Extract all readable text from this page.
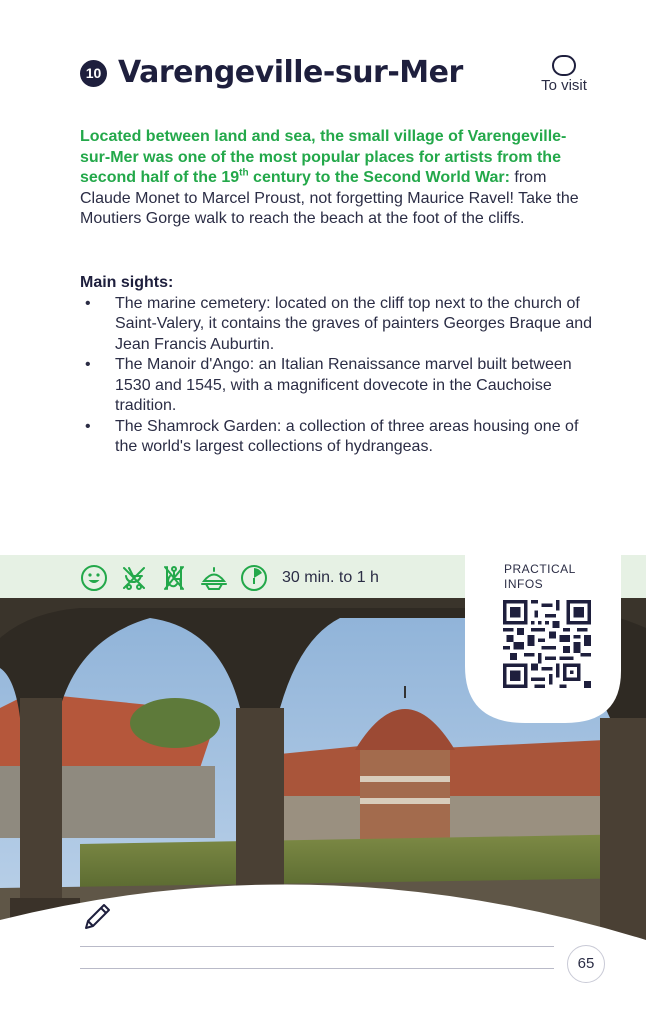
10 Varengeville-sur-Mer	To visit

Located between land and sea, the small village of Varengeville-sur-Mer was one of the most popular places for artists from the second half of the 19th century to the Second World War: from Claude Monet to Marcel Proust, not forgetting Maurice Ravel! Take the Moutiers Gorge walk to reach the beach at the foot of the cliffs.

Main sights:
• The marine cemetery: located on the cliff top next to the church of Saint-Valery, it contains the graves of painters Georges Braque and Jean Francis Auburtin.
• The Manoir d'Ango: an Italian Renaissance marvel built between 1530 and 1545, with a magnificent dovecote in the Cauchoise tradition.
• The Shamrock Garden: a collection of three areas housing one of the world's largest collections of hydrangeas.
30 min. to 1 h	PRACTICAL
INFOS
65
